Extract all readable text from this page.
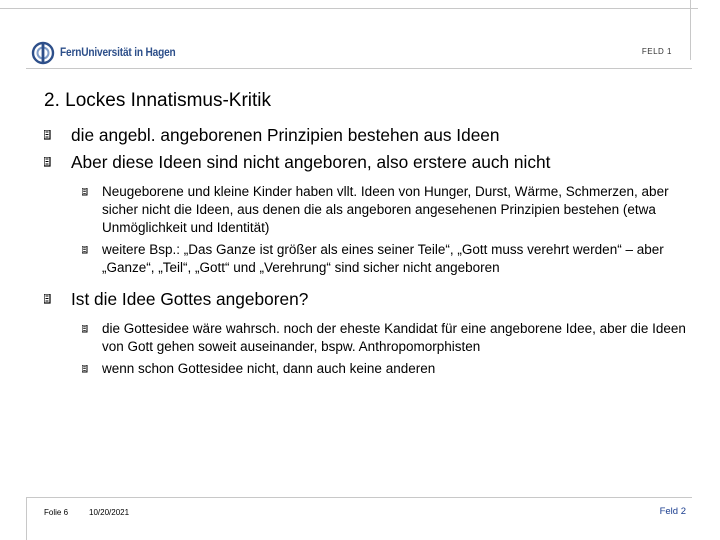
FernUniversität in Hagen	FELD 1
2. Lockes Innatismus-Kritik
die angebl. angeborenen Prinzipien bestehen aus Ideen
Aber diese Ideen sind nicht angeboren, also erstere auch nicht
Neugeborene und kleine Kinder haben vllt. Ideen von Hunger, Durst, Wärme, Schmerzen, aber sicher nicht die Ideen, aus denen die als angeboren angesehenen Prinzipien bestehen (etwa Unmöglichkeit und Identität)
weitere Bsp.: „Das Ganze ist größer als eines seiner Teile“, „Gott muss verehrt werden“ – aber „Ganze“, „Teil“, „Gott“ und „Verehrung“ sind sicher nicht angeboren
Ist die Idee Gottes angeboren?
die Gottesidee wäre wahrsch. noch der eheste Kandidat für eine angeborene Idee, aber die Ideen von Gott gehen soweit auseinander, bspw. Anthropomorphisten
wenn schon Gottesidee nicht, dann auch keine anderen
Folie 6	10/20/2021	Feld 2
